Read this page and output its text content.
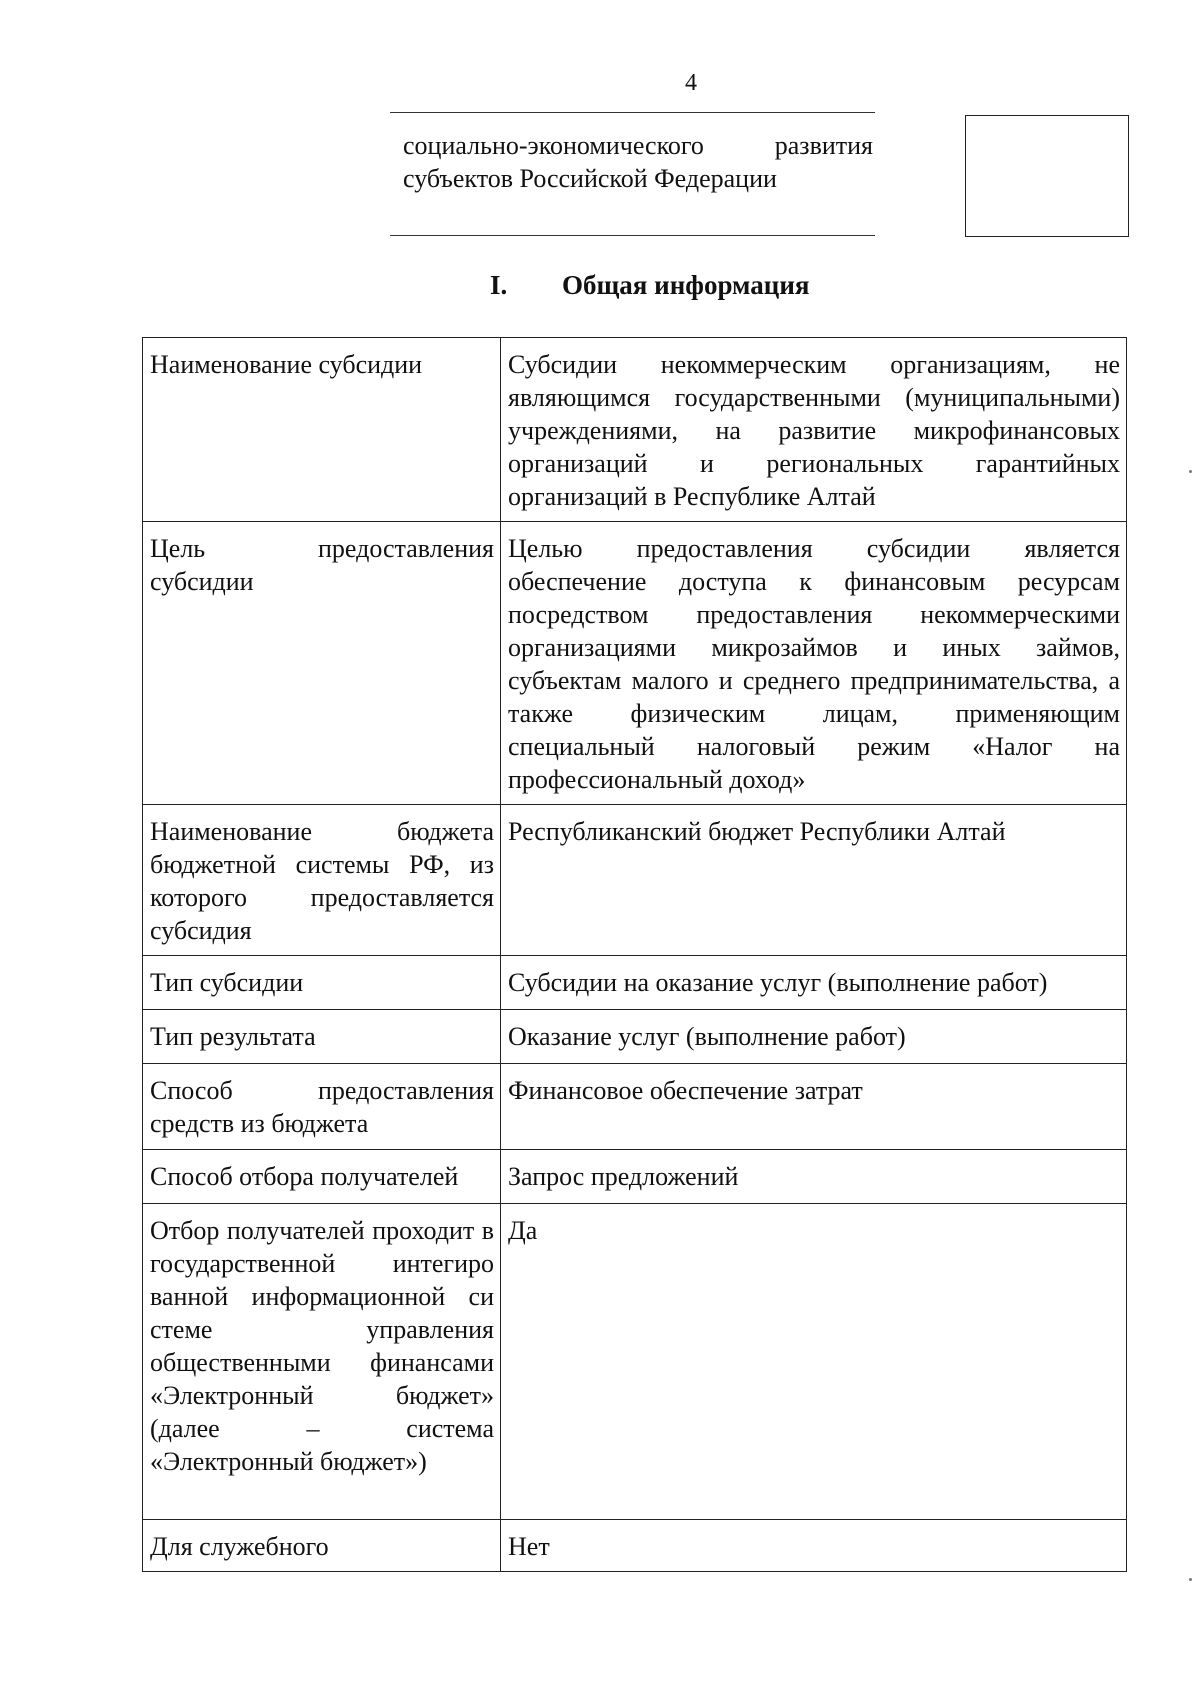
4
социально-экономического развития субъектов Российской Федерации
I. Общая информация
Наименование субсидии	Субсидии некоммерческим организациям, не являющимся государственными (муниципальными) учреждениями, на развитие микрофинансовых организаций и региональных гарантийных организаций в Республике Алтай
Цель предоставления субсидии	Целью предоставления субсидии является обеспечение доступа к финансовым ресурсам посредством предоставления некоммерческими организациями микрозаймов и иных займов, субъектам малого и среднего предпринимательства, а также физическим лицам, применяющим специальный налоговый режим «Налог на профессиональный доход»
Наименование бюджета бюджетной системы РФ, из которого предоставляется субсидия	Республиканский бюджет Республики Алтай
Тип субсидии	Субсидии на оказание услуг (выполнение работ)
Тип результата	Оказание услуг (выполнение работ)
Способ предоставления средств из бюджета	Финансовое обеспечение затрат
Способ отбора получателей	Запрос предложений
Отбор получателей проходит в государственной интегиро ванной информационной си стеме управления общественными финансами «Электронный бюджет» (далее – система «Электронный бюджет»)	Да
Для служебного	Нет
